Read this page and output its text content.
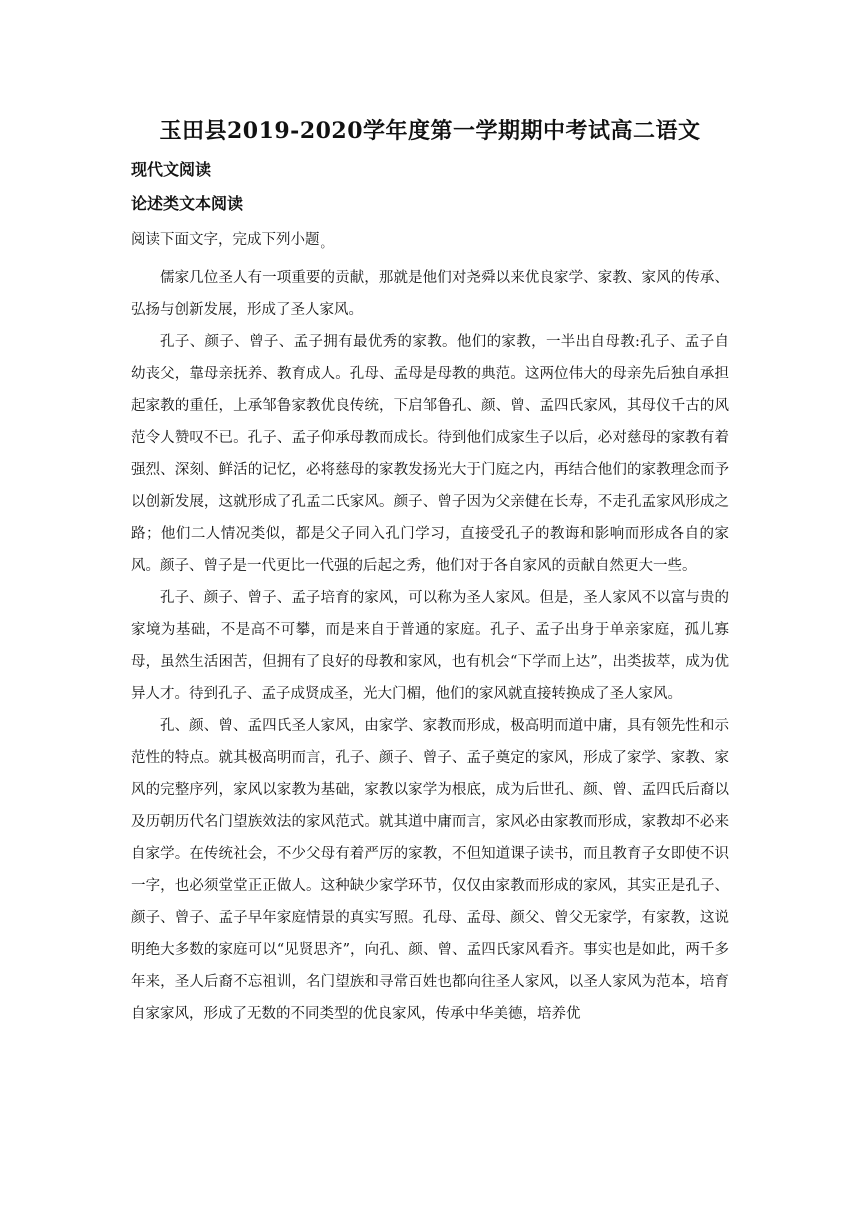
玉田县2019-2020学年度第一学期期中考试高二语文
现代文阅读
论述类文本阅读
阅读下面文字，完成下列小题$_。$

儒家几位圣人有一项重要的贡献，那就是他们对尧舜以来优良家学、家教、家风的传承、弘扬与创新发展，形成了圣人家风。

孔子、颜子、曾子、孟子拥有最优秀的家教。他们的家教，一半出自母教:孔子、孟子自幼丧父，靠母亲抚养、教育成人。孔母、孟母是母教的典范。这两位伟大的母亲先后独自承担起家教的重任，上承邹鲁家教优良传统，下启邹鲁孔、颜、曾、孟四氏家风，其母仪千古的风范令人赞叹不已。孔子、孟子仰承母教而成长。待到他们成家生子以后，必对慈母的家教有着强烈、深刻、鲜活的记忆，必将慈母的家教发扬光大于门庭之内，再结合他们的家教理念而予以创新发展，这就形成了孔孟二氏家风。颜子、曾子因为父亲健在长寿，不走孔孟家风形成之路；他们二人情况类似，都是父子同入孔门学习，直接受孔子的教诲和影响而形成各自的家风。颜子、曾子是一代更比一代强的后起之秀，他们对于各自家风的贡献自然更大一些。

孔子、颜子、曾子、孟子培育的家风，可以称为圣人家风。但是，圣人家风不以富与贵的家境为基础，不是高不可攀，而是来自于普通的家庭。孔子、孟子出身于单亲家庭，孤儿寡母，虽然生活困苦，但拥有了良好的母教和家风，也有机会“下学而上达”，出类拔萃，成为优异人才。待到孔子、孟子成贤成圣，光大门楣，他们的家风就直接转换成了圣人家风。

孔、颜、曾、孟四氏圣人家风，由家学、家教而形成，极高明而道中庸，具有领先性和示范性的特点。就其极高明而言，孔子、颜子、曾子、孟子奠定的家风，形成了家学、家教、家风的完整序列，家风以家教为基础，家教以家学为根底，成为后世孔、颜、曾、孟四氏后裔以及历朝历代名门望族效法的家风范式。就其道中庸而言，家风必由家教而形成，家教却不必来自家学。在传统社会，不少父母有着严厉的家教，不但知道课子读书，而且教育子女即使不识一字，也必须堂堂正正做人。这种缺少家学环节，仅仅由家教而形成的家风，其实正是孔子、颜子、曾子、孟子早年家庭情景的真实写照。孔母、孟母、颜父、曾父无家学，有家教，这说明绝大多数的家庭可以“见贤思齐”，向孔、颜、曾、孟四氏家风看齐。事实也是如此，两千多年来，圣人后裔不忘祖训，名门望族和寻常百姓也都向往圣人家风，以圣人家风为范本，培育自家家风，形成了无数的不同类型的优良家风，传承中华美德，培养优
